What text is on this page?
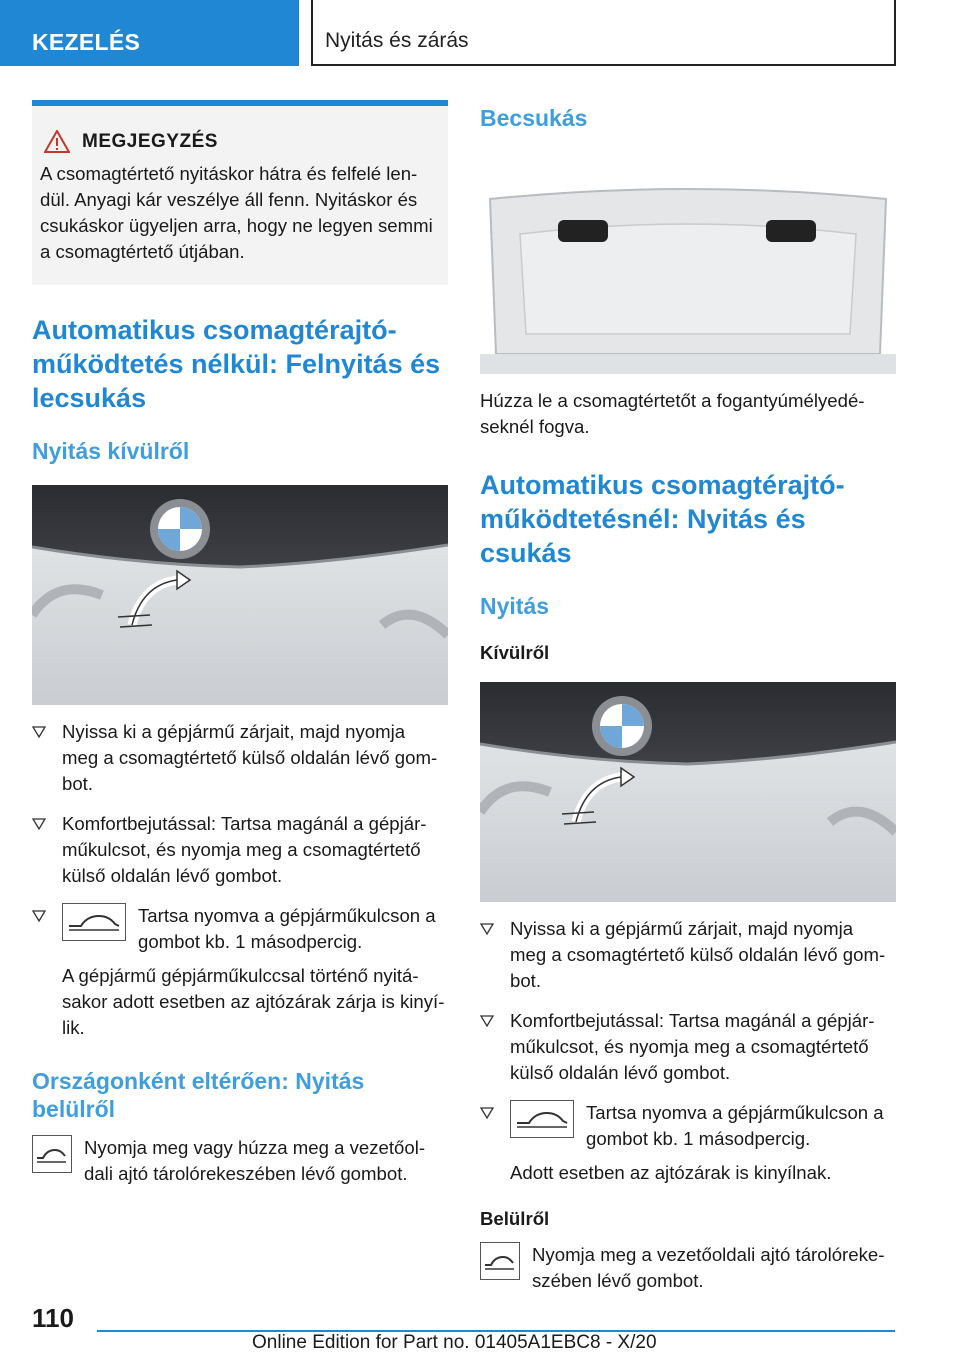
KEZELÉS	Nyitás és zárás
MEGJEGYZÉS
A csomagtértető nyitáskor hátra és felfelé len-
dül. Anyagi kár veszélye áll fenn. Nyitáskor és
csukáskor ügyeljen arra, hogy ne legyen semmi
a csomagtértető útjában.
Automatikus csomagtérajtó-
működtetés nélkül: Felnyitás és
lecsukás
Nyitás kívülről
Nyissa ki a gépjármű zárjait, majd nyomja
meg a csomagtértető külső oldalán lévő gom-
bot.
Komfortbejutással: Tartsa magánál a gépjár-
műkulcsot, és nyomja meg a csomagtértető
külső oldalán lévő gombot.
Tartsa nyomva a gépjárműkulcson a
gombot kb. 1 másodpercig.
A gépjármű gépjárműkulccsal történő nyitá-
sakor adott esetben az ajtózárak zárja is kinyí-
lik.
Országonként eltérően: Nyitás
belülről
Nyomja meg vagy húzza meg a vezetőol-
dali ajtó tárolórekeszében lévő gombot.
Becsukás
Húzza le a csomagtértetőt a fogantyúmélyedé-
seknél fogva.
Automatikus csomagtérajtó-
működtetésnél: Nyitás és csukás
Nyitás
Kívülről
Nyissa ki a gépjármű zárjait, majd nyomja
meg a csomagtértető külső oldalán lévő gom-
bot.
Komfortbejutással: Tartsa magánál a gépjár-
műkulcsot, és nyomja meg a csomagtértető
külső oldalán lévő gombot.
Tartsa nyomva a gépjárműkulcson a
gombot kb. 1 másodpercig.
Adott esetben az ajtózárak is kinyílnak.
Belülről
Nyomja meg a vezetőoldali ajtó tárolóreke-
szében lévő gombot.
110
Online Edition for Part no. 01405A1EBC8 - X/20
